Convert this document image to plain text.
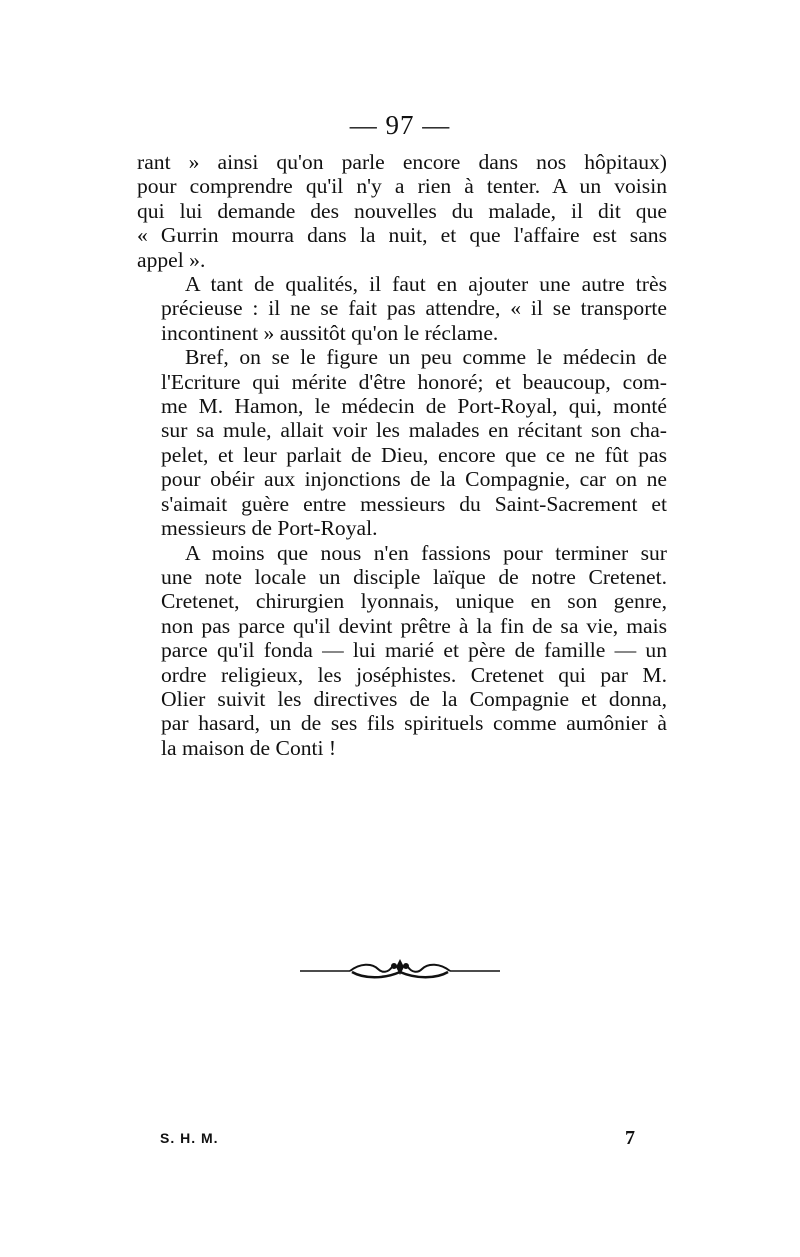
— 97 —

rant » ainsi qu'on parle encore dans nos hôpitaux)
pour comprendre qu'il n'y a rien à tenter. A un voisin
qui lui demande des nouvelles du malade, il dit que
« Gurrin mourra dans la nuit, et que l'affaire est sans
appel ».

A tant de qualités, il faut en ajouter une autre très
précieuse : il ne se fait pas attendre, « il se transporte
incontinent » aussitôt qu'on le réclame.

Bref, on se le figure un peu comme le médecin de
l'Ecriture qui mérite d'être honoré; et beaucoup, com-
me M. Hamon, le médecin de Port-Royal, qui, monté
sur sa mule, allait voir les malades en récitant son cha-
pelet, et leur parlait de Dieu, encore que ce ne fût pas
pour obéir aux injonctions de la Compagnie, car on ne
s'aimait guère entre messieurs du Saint-Sacrement et
messieurs de Port-Royal.

A moins que nous n'en fassions pour terminer sur
une note locale un disciple laïque de notre Cretenet.
Cretenet, chirurgien lyonnais, unique en son genre,
non pas parce qu'il devint prêtre à la fin de sa vie, mais
parce qu'il fonda — lui marié et père de famille — un
ordre religieux, les joséphistes. Cretenet qui par M.
Olier suivit les directives de la Compagnie et donna,
par hasard, un de ses fils spirituels comme aumônier à
la maison de Conti !

S. H. M.	7
